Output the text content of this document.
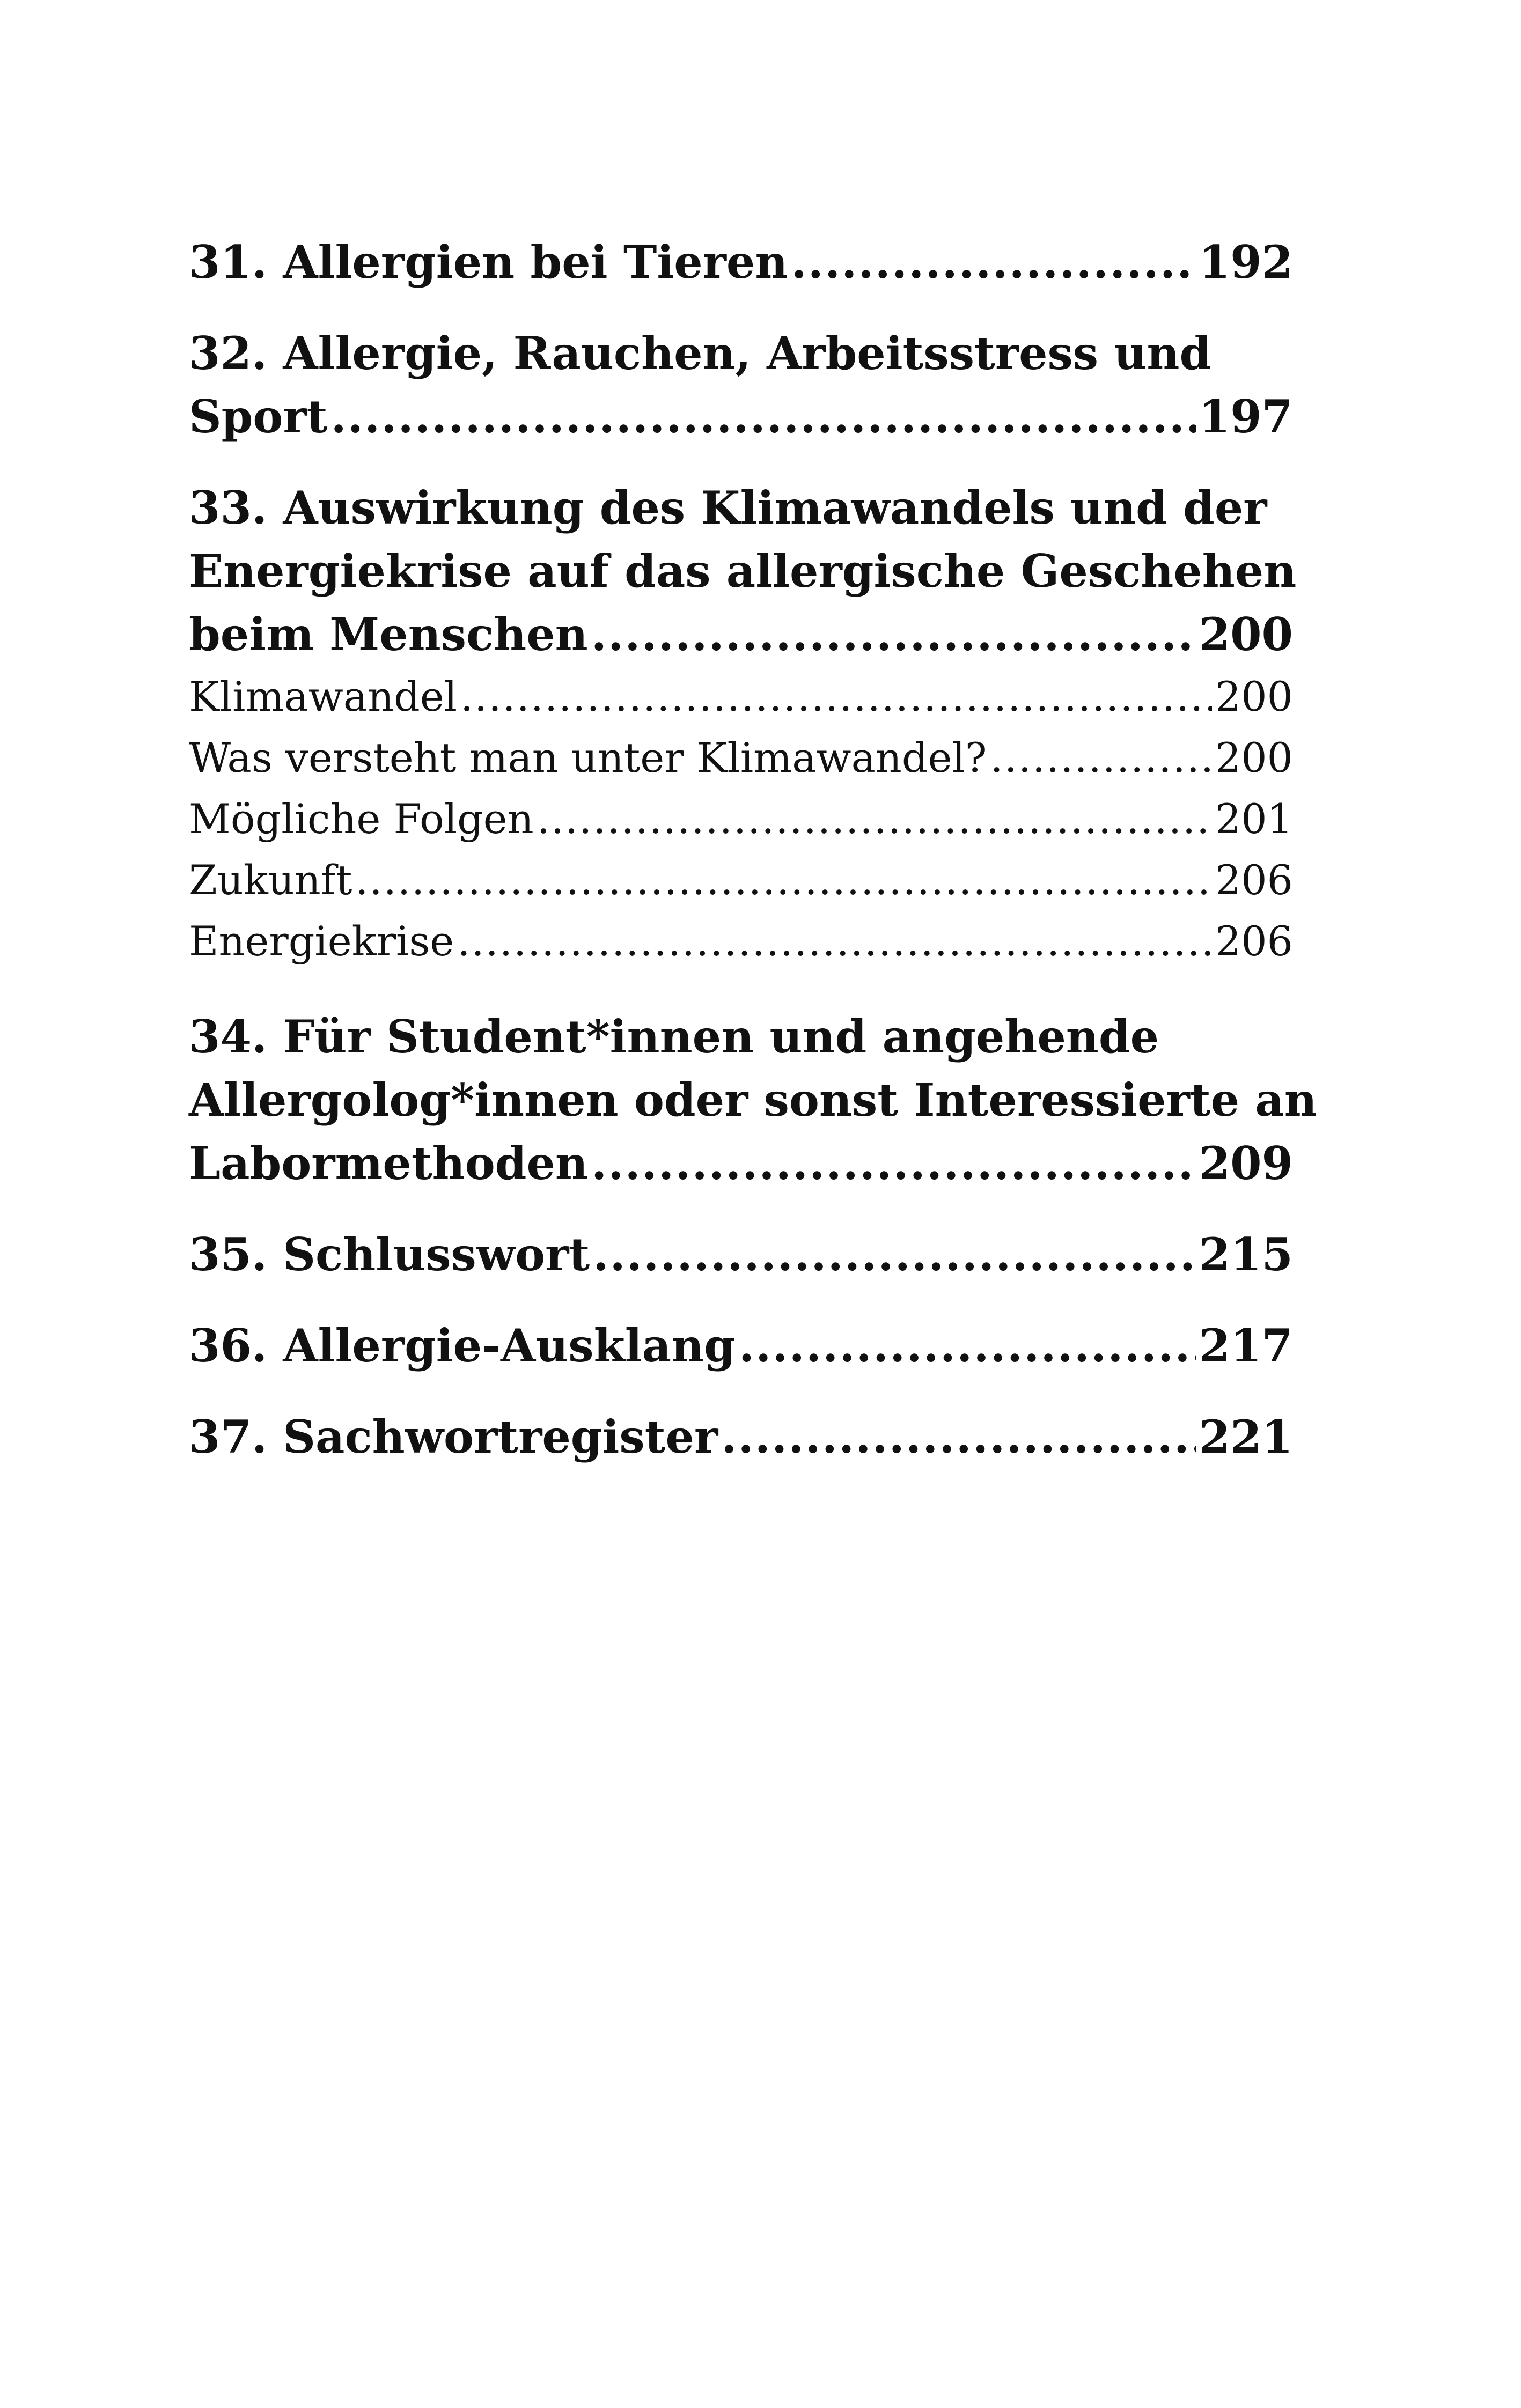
31. Allergien bei Tieren .....	192
32. Allergie, Rauchen, Arbeitsstress und
Sport .....	197
33. Auswirkung des Klimawandels und der
Energiekrise auf das allergische Geschehen
beim Menschen .....	200
Klimawandel .....	200
Was versteht man unter Klimawandel? .....	200
Mögliche Folgen .....	201
Zukunft .....	206
Energiekrise .....	206
34. Für Student*innen und angehende
Allergolog*innen oder sonst Interessierte an
Labormethoden .....	209
35. Schlusswort .....	215
36. Allergie-Ausklang .....	217
37. Sachwortregister .....	221
